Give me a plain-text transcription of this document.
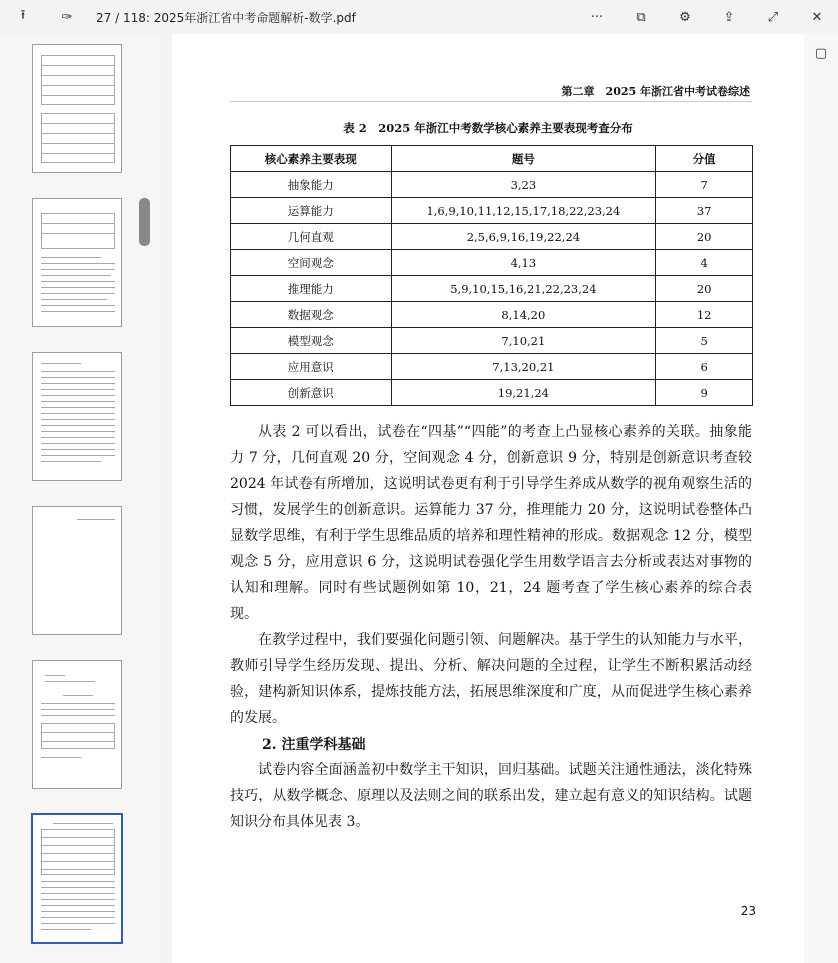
⭱	✑ 27 / 118: 2025年浙江省中考命题解析-数学.pdf	···	⧉	⚙	⇪	⤢	✕
第二章　2025 年浙江省中考试卷综述
表 2　2025 年浙江中考数学核心素养主要表现考查分布
核心素养主要表现	题号	分值
抽象能力	3,23	7
运算能力	1,6,9,10,11,12,15,17,18,22,23,24	37
几何直观	2,5,6,9,16,19,22,24	20
空间观念	4,13	4
推理能力	5,9,10,15,16,21,22,23,24	20
数据观念	8,14,20	12
模型观念	7,10,21	5
应用意识	7,13,20,21	6
创新意识	19,21,24	9

从表 2 可以看出，试卷在“四基”“四能”的考查上凸显核心素养的关联。抽象能力 7 分，几何直观 20 分，空间观念 4 分，创新意识 9 分，特别是创新意识考查较 2024 年试卷有所增加，这说明试卷更有利于引导学生养成从数学的视角观察生活的习惯，发展学生的创新意识。运算能力 37 分，推理能力 20 分，这说明试卷整体凸显数学思维，有利于学生思维品质的培养和理性精神的形成。数据观念 12 分，模型观念 5 分，应用意识 6 分，这说明试卷强化学生用数学语言去分析或表达对事物的认知和理解。同时有些试题例如第 10，21，24 题考查了学生核心素养的综合表现。

在教学过程中，我们要强化问题引领、问题解决。基于学生的认知能力与水平，教师引导学生经历发现、提出、分析、解决问题的全过程，让学生不断积累活动经验，建构新知识体系，提炼技能方法，拓展思维深度和广度，从而促进学生核心素养的发展。

2. 注重学科基础

试卷内容全面涵盖初中数学主干知识，回归基础。试题关注通性通法，淡化特殊技巧，从数学概念、原理以及法则之间的联系出发，建立起有意义的知识结构。试题知识分布具体见表 3。

23
▢
